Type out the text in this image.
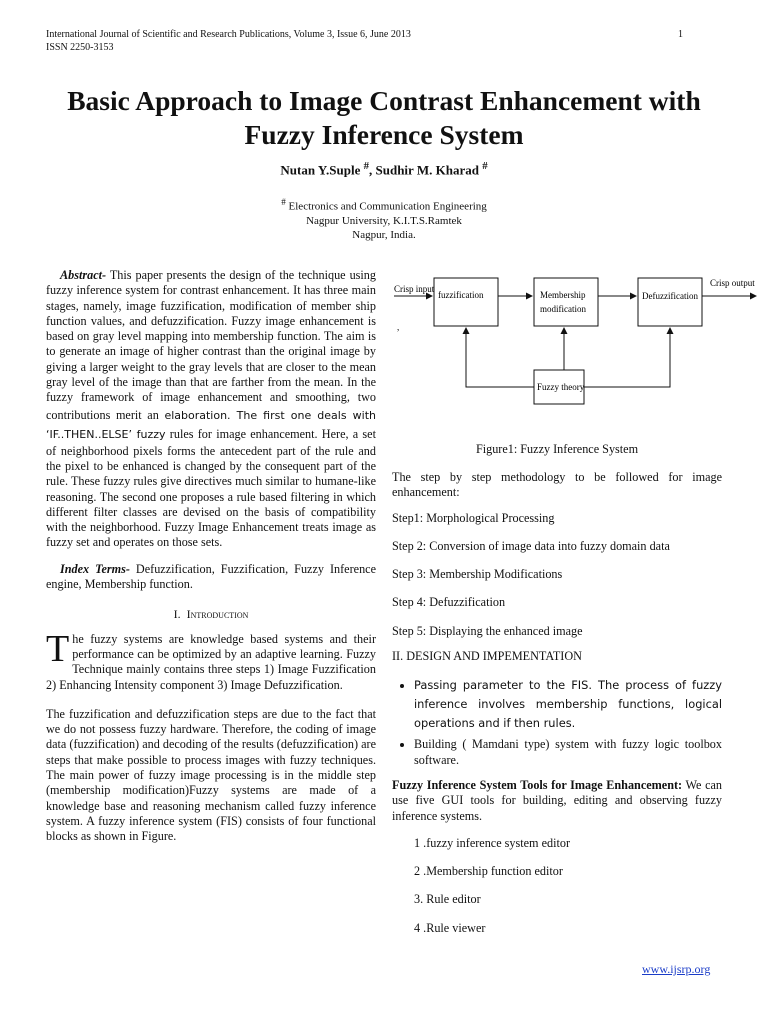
International Journal of Scientific and Research Publications, Volume 3, Issue 6, June 2013
ISSN 2250-3153
1
Basic Approach to Image Contrast Enhancement with Fuzzy Inference System
Nutan Y.Suple #, Sudhir M. Kharad #
# Electronics and Communication Engineering
Nagpur University, K.I.T.S.Ramtek
Nagpur, India.
Abstract- This paper presents the design of the technique using fuzzy inference system for contrast enhancement. It has three main stages, namely, image fuzzification, modification of member ship function values, and defuzzification. Fuzzy image enhancement is based on gray level mapping into membership function. The aim is to generate an image of higher contrast than the original image by giving a larger weight to the gray levels that are closer to the mean gray level of the image than that are farther from the mean. In the fuzzy framework of image enhancement and smoothing, two contributions merit an elaboration. The first one deals with ‘IF..THEN..ELSE’ fuzzy rules for image enhancement. Here, a set of neighborhood pixels forms the antecedent part of the rule and the pixel to be enhanced is changed by the consequent part of the rule. These fuzzy rules give directives much similar to humane-like reasoning. The second one proposes a rule based filtering in which different filter classes are devised on the basis of compatibility with the neighborhood. Fuzzy Image Enhancement treats image as fuzzy set and operates on those sets.
Index Terms- Defuzzification, Fuzzification, Fuzzy Inference engine, Membership function.
I. Introduction
The fuzzy systems are knowledge based systems and their performance can be optimized by an adaptive learning. Fuzzy Technique mainly contains three steps 1) Image Fuzzification 2) Enhancing Intensity component 3) Image Defuzzification.
The fuzzification and defuzzification steps are due to the fact that we do not possess fuzzy hardware. Therefore, the coding of image data (fuzzification) and decoding of the results (defuzzification) are steps that make possible to process images with fuzzy techniques. The main power of fuzzy image processing is in the middle step (membership modification)Fuzzy systems are made of a knowledge base and reasoning mechanism called fuzzy inference system. A fuzzy inference system (FIS) consists of four functional blocks as shown in Figure.
Crisp input
Crisp output
fuzzification	Membership
modification
Defuzzification
Fuzzy theory
,
Figure1: Fuzzy Inference System
The step by step methodology to be followed for image enhancement:
Step1: Morphological Processing
Step 2: Conversion of image data into fuzzy domain data
Step 3: Membership Modifications
Step 4: Defuzzification
Step 5: Displaying the enhanced image
II. DESIGN AND IMPEMENTATION
• Passing parameter to the FIS. The process of fuzzy inference involves membership functions, logical operations and if then rules.
• Building ( Mamdani type) system with fuzzy logic toolbox software.
Fuzzy Inference System Tools for Image Enhancement: We can use five GUI tools for building, editing and observing fuzzy inference systems.
1 .fuzzy inference system editor
2 .Membership function editor
3. Rule editor
4 .Rule viewer
www.ijsrp.org
